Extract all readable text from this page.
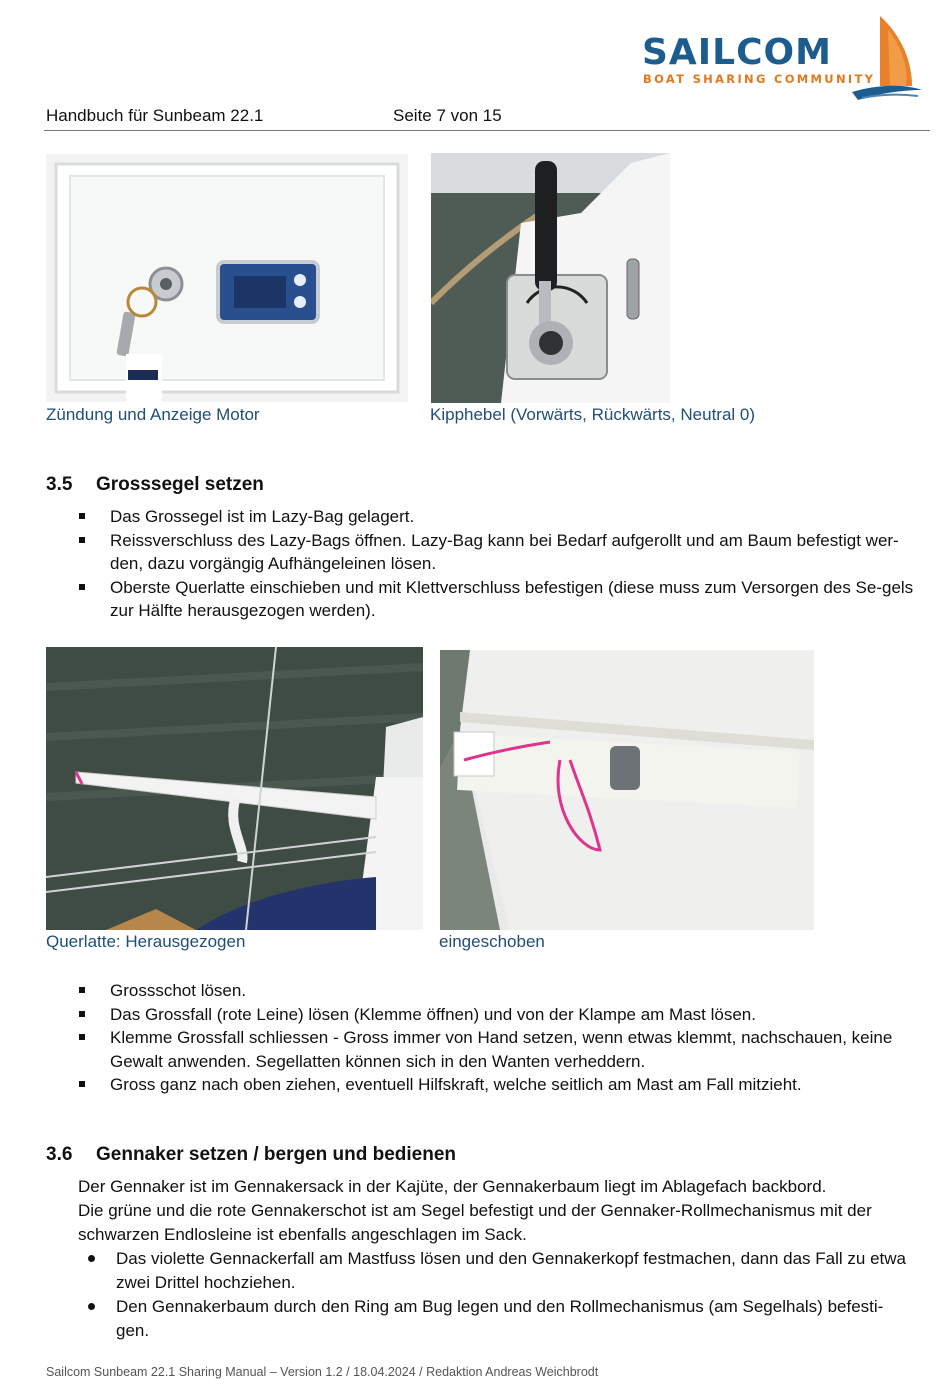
SAILCOM
BOAT SHARING COMMUNITY
Handbuch für Sunbeam 22.1	Seite 7 von 15
Zündung und Anzeige Motor	Kipphebel (Vorwärts, Rückwärts, Neutral 0)
3.5 Grosssegel setzen
Das Grossegel ist im Lazy-Bag gelagert.
Reissverschluss des Lazy-Bags öffnen. Lazy-Bag kann bei Bedarf aufgerollt und am Baum befestigt wer-den, dazu vorgängig Aufhängeleinen lösen.
Oberste Querlatte einschieben und mit Klettverschluss befestigen (diese muss zum Versorgen des Se-gels zur Hälfte herausgezogen werden).
Querlatte: Herausgezogen	eingeschoben
Grossschot lösen.
Das Grossfall (rote Leine) lösen (Klemme öffnen) und von der Klampe am Mast lösen.
Klemme Grossfall schliessen - Gross immer von Hand setzen, wenn etwas klemmt, nachschauen, keine Gewalt anwenden. Segellatten können sich in den Wanten verheddern.
Gross ganz nach oben ziehen, eventuell Hilfskraft, welche seitlich am Mast am Fall mitzieht.
3.6 Gennaker setzen / bergen und bedienen
Der Gennaker ist im Gennakersack in der Kajüte, der Gennakerbaum liegt im Ablagefach backbord.
Die grüne und die rote Gennakerschot ist am Segel befestigt und der Gennaker-Rollmechanismus mit der schwarzen Endlosleine ist ebenfalls angeschlagen im Sack.
Das violette Gennackerfall am Mastfuss lösen und den Gennakerkopf festmachen, dann das Fall zu etwa zwei Drittel hochziehen.
Den Gennakerbaum durch den Ring am Bug legen und den Rollmechanismus (am Segelhals) befesti-gen.
Sailcom Sunbeam 22.1 Sharing Manual – Version 1.2 / 18.04.2024 / Redaktion Andreas Weichbrodt
